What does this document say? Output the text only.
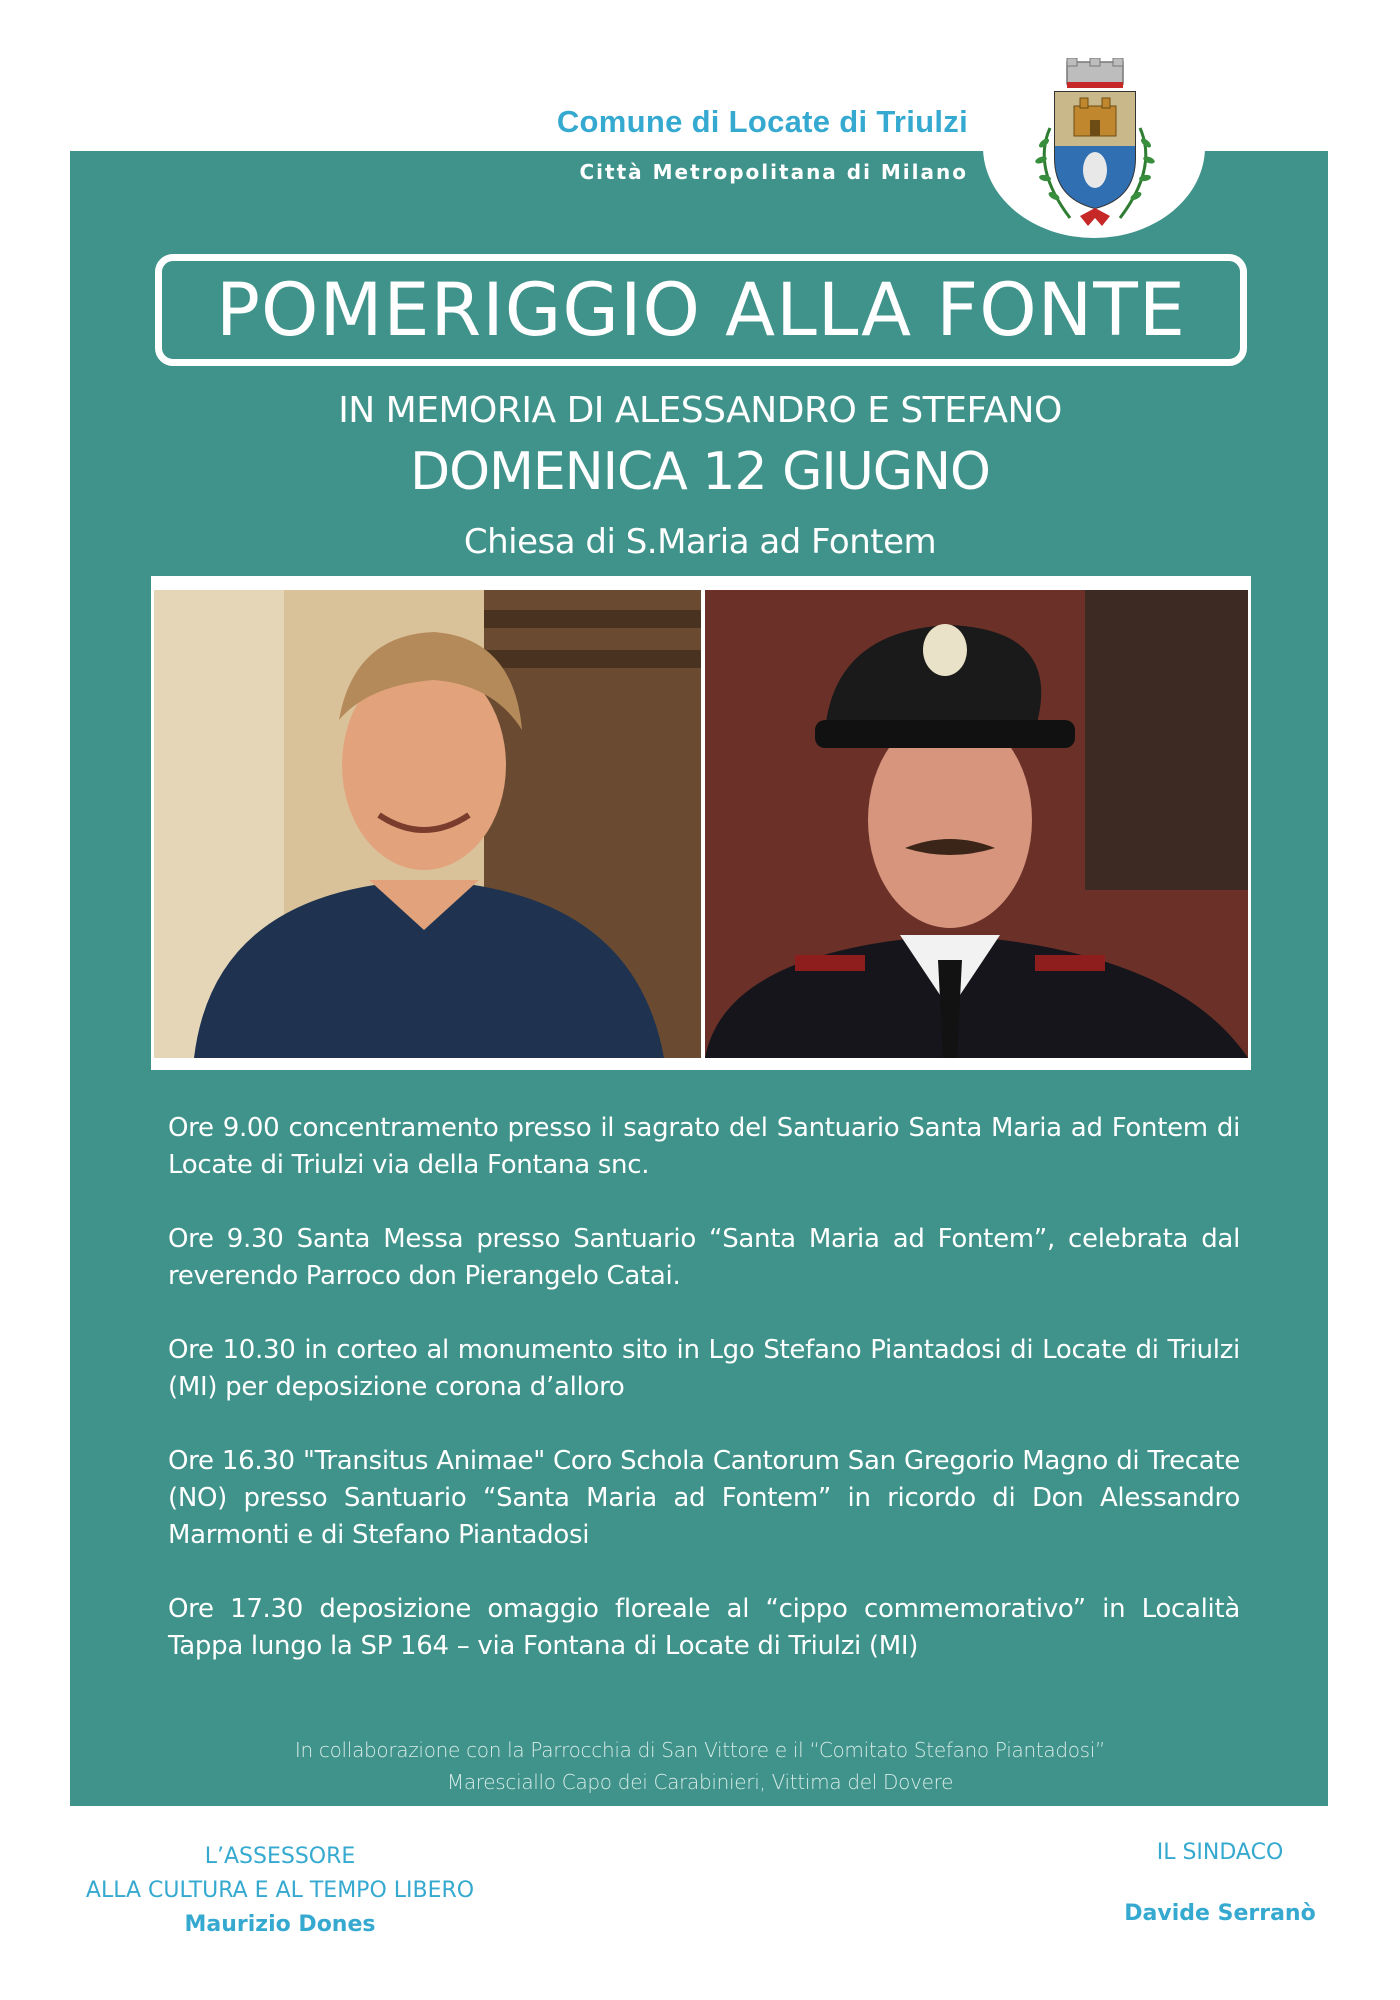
Comune di Locate di Triulzi
Città Metropolitana di Milano
POMERIGGIO ALLA FONTE
IN MEMORIA DI ALESSANDRO E STEFANO
DOMENICA 12 GIUGNO
Chiesa di S.Maria ad Fontem

Ore 9.00 concentramento presso il sagrato del Santuario Santa Maria ad Fontem di Locate di Triulzi via della Fontana snc.

Ore 9.30 Santa Messa presso Santuario “Santa Maria ad Fontem”, celebrata dal reverendo Parroco don Pierangelo Catai.

Ore 10.30 in corteo al monumento sito in Lgo Stefano Piantadosi di Locate di Triulzi (MI) per deposizione corona d’alloro

Ore 16.30 "Transitus Animae" Coro Schola Cantorum San Gregorio Magno di Trecate (NO) presso Santuario “Santa Maria ad Fontem” in ricordo di Don Alessandro Marmonti e di Stefano Piantadosi

Ore 17.30 deposizione omaggio floreale al “cippo commemorativo” in Località Tappa lungo la SP 164 – via Fontana di Locate di Triulzi (MI)

In collaborazione con la Parrocchia di San Vittore e il “Comitato Stefano Piantadosi”
Maresciallo Capo dei Carabinieri, Vittima del Dovere
L’ASSESSORE
ALLA CULTURA E AL TEMPO LIBERO
Maurizio Dones
IL SINDACO
Davide Serranò
